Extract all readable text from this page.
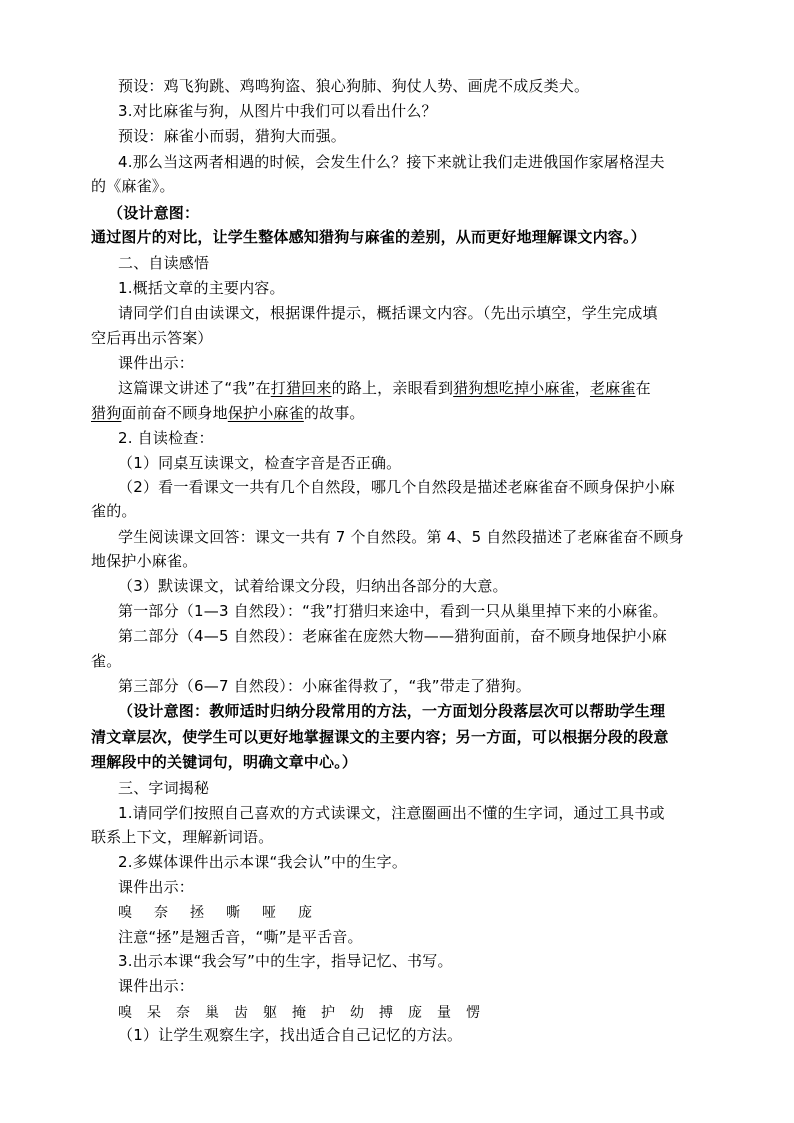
预设：鸡飞狗跳、鸡鸣狗盗、狼心狗肺、狗仗人势、画虎不成反类犬。
3.对比麻雀与狗，从图片中我们可以看出什么？
预设：麻雀小而弱，猎狗大而强。
4.那么当这两者相遇的时候，会发生什么？接下来就让我们走进俄国作家屠格涅夫
的《麻雀》。
（设计意图：
通过图片的对比，让学生整体感知猎狗与麻雀的差别，从而更好地理解课文内容。）
二、自读感悟
1.概括文章的主要内容。
请同学们自由读课文，根据课件提示，概括课文内容。（先出示填空，学生完成填
空后再出示答案）
课件出示：
这篇课文讲述了“我”在打猎回来的路上，亲眼看到猎狗想吃掉小麻雀，老麻雀在
猎狗面前奋不顾身地保护小麻雀的故事。
2. 自读检查：
（1）同桌互读课文，检查字音是否正确。
（2）看一看课文一共有几个自然段，哪几个自然段是描述老麻雀奋不顾身保护小麻
雀的。
学生阅读课文回答：课文一共有 7 个自然段。第 4、5 自然段描述了老麻雀奋不顾身
地保护小麻雀。
（3）默读课文，试着给课文分段，归纳出各部分的大意。
第一部分（1—3 自然段）：“我”打猎归来途中，看到一只从巢里掉下来的小麻雀。
第二部分（4—5 自然段）：老麻雀在庞然大物——猎狗面前，奋不顾身地保护小麻
雀。
第三部分（6—7 自然段）：小麻雀得救了，“我”带走了猎狗。
（设计意图：教师适时归纳分段常用的方法，一方面划分段落层次可以帮助学生理
清文章层次，使学生可以更好地掌握课文的主要内容；另一方面，可以根据分段的段意
理解段中的关键词句，明确文章中心。）
三、字词揭秘
1.请同学们按照自己喜欢的方式读课文，注意圈画出不懂的生字词，通过工具书或
联系上下文，理解新词语。
2.多媒体课件出示本课“我会认”中的生字。
课件出示：
嗅 奈 拯 嘶 哑 庞
注意“拯”是翘舌音，“嘶”是平舌音。
3.出示本课“我会写”中的生字，指导记忆、书写。
课件出示：
嗅 呆 奈 巢 齿 躯 掩 护 幼 搏 庞 量 愣
（1）让学生观察生字，找出适合自己记忆的方法。
